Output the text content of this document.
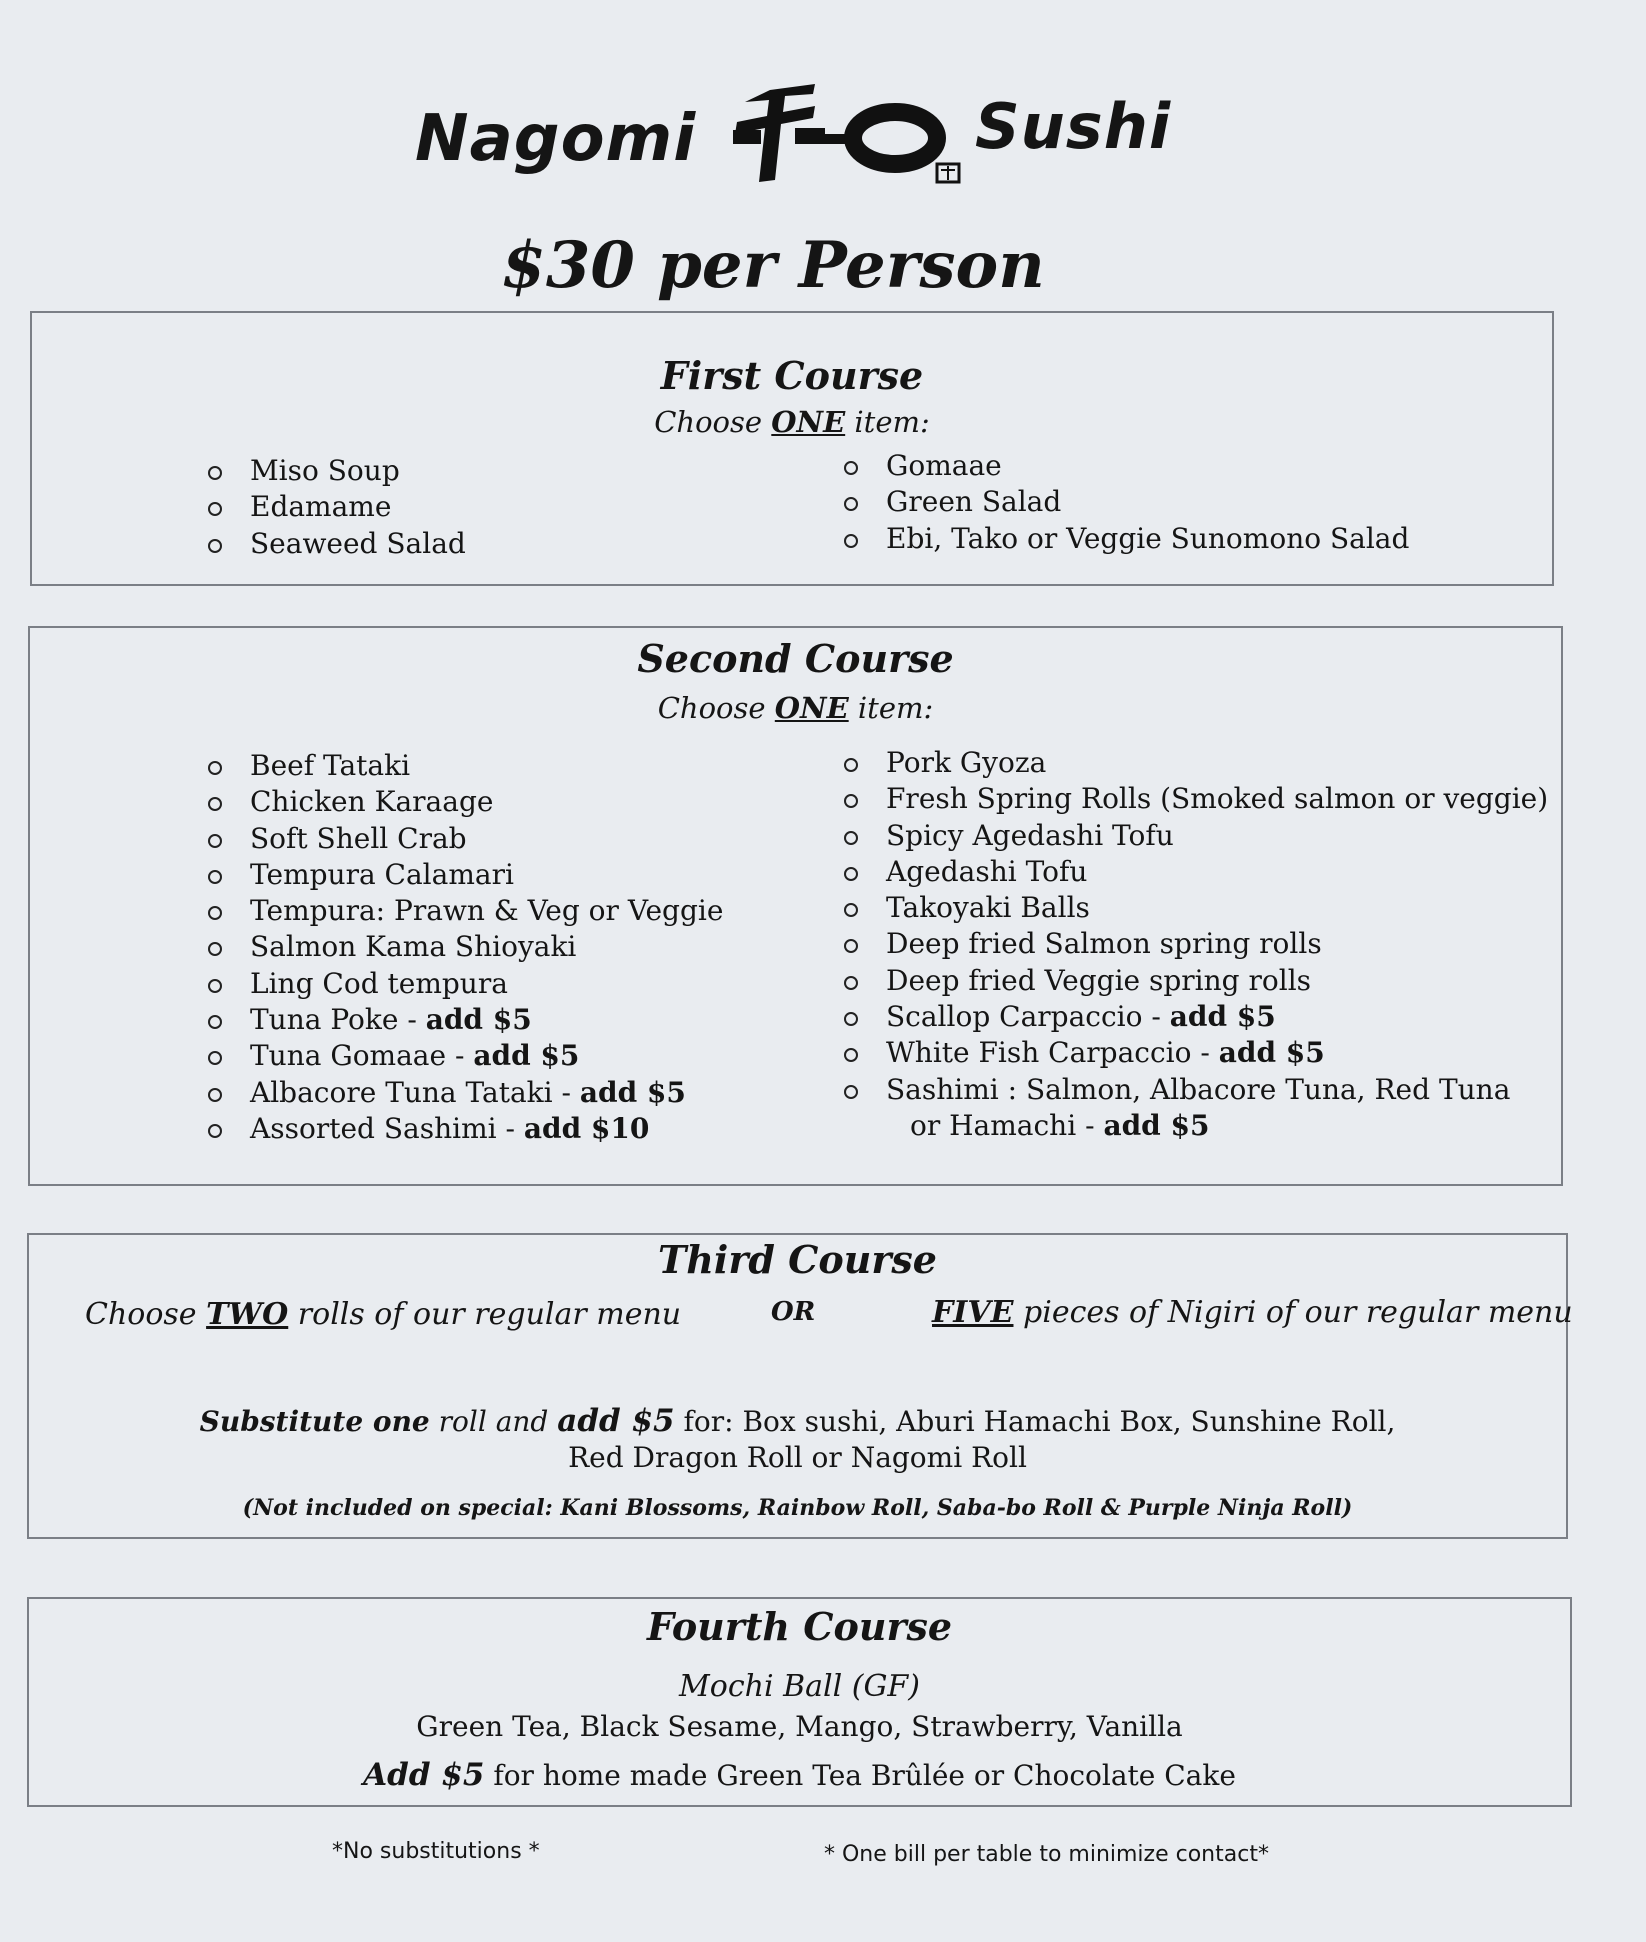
Nagomi	Sushi
$30 per Person
First Course
Choose ONE item:
Miso Soup
Edamame
Seaweed Salad
Gomaae
Green Salad
Ebi, Tako or Veggie Sunomono Salad
Second Course
Choose ONE item:
Beef Tataki
Chicken Karaage
Soft Shell Crab
Tempura Calamari
Tempura: Prawn & Veg or Veggie
Salmon Kama Shioyaki
Ling Cod tempura
Tuna Poke - add $5
Tuna Gomaae - add $5
Albacore Tuna Tataki - add $5
Assorted Sashimi - add $10
Pork Gyoza
Fresh Spring Rolls (Smoked salmon or veggie)
Spicy Agedashi Tofu
Agedashi Tofu
Takoyaki Balls
Deep fried Salmon spring rolls
Deep fried Veggie spring rolls
Scallop Carpaccio - add $5
White Fish Carpaccio - add $5
Sashimi : Salmon, Albacore Tuna, Red Tuna
or Hamachi - add $5
Third Course
Choose TWO rolls of our regular menu	OR	FIVE pieces of Nigiri of our regular menu
Substitute one roll and add $5 for: Box sushi, Aburi Hamachi Box, Sunshine Roll,
Red Dragon Roll or Nagomi Roll
(Not included on special: Kani Blossoms, Rainbow Roll, Saba-bo Roll & Purple Ninja Roll)
Fourth Course
Mochi Ball (GF)
Green Tea, Black Sesame, Mango, Strawberry, Vanilla
Add $5 for home made Green Tea Brûlée or Chocolate Cake
*No substitutions *	* One bill per table to minimize contact*
